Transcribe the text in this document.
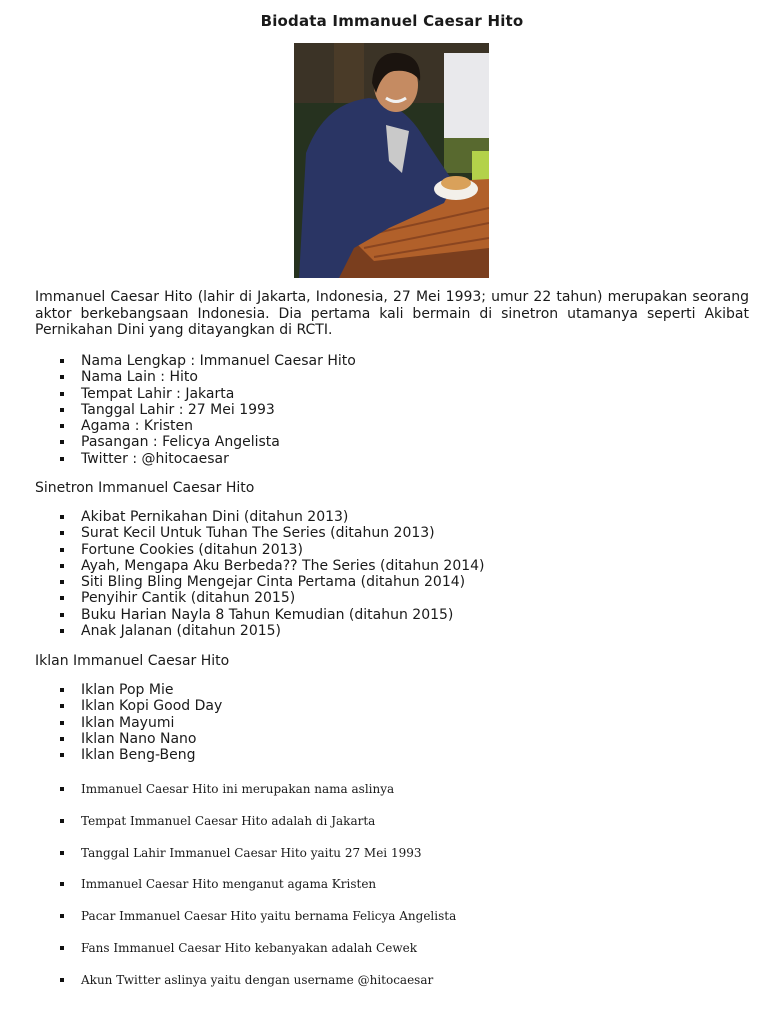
Biodata Immanuel Caesar Hito

Immanuel Caesar Hito (lahir di Jakarta, Indonesia, 27 Mei 1993; umur 22 tahun) merupakan seorang aktor berkebangsaan Indonesia. Dia pertama kali bermain di sinetron utamanya seperti Akibat Pernikahan Dini yang ditayangkan di RCTI.

Nama Lengkap : Immanuel Caesar Hito
Nama Lain : Hito
Tempat Lahir : Jakarta
Tanggal Lahir : 27 Mei 1993
Agama : Kristen
Pasangan : Felicya Angelista
Twitter : @hitocaesar
Sinetron Immanuel Caesar Hito
Akibat Pernikahan Dini (ditahun 2013)
Surat Kecil Untuk Tuhan The Series (ditahun 2013)
Fortune Cookies (ditahun 2013)
Ayah, Mengapa Aku Berbeda?? The Series (ditahun 2014)
Siti Bling Bling Mengejar Cinta Pertama (ditahun 2014)
Penyihir Cantik (ditahun 2015)
Buku Harian Nayla 8 Tahun Kemudian (ditahun 2015)
Anak Jalanan (ditahun 2015)
Iklan Immanuel Caesar Hito
Iklan Pop Mie
Iklan Kopi Good Day
Iklan Mayumi
Iklan Nano Nano
Iklan Beng-Beng
Immanuel Caesar Hito ini merupakan nama aslinya
Tempat Immanuel Caesar Hito adalah di Jakarta
Tanggal Lahir Immanuel Caesar Hito yaitu 27 Mei 1993
Immanuel Caesar Hito menganut agama Kristen
Pacar Immanuel Caesar Hito yaitu bernama Felicya Angelista
Fans Immanuel Caesar Hito kebanyakan adalah Cewek
Akun Twitter aslinya yaitu dengan username @hitocaesar
